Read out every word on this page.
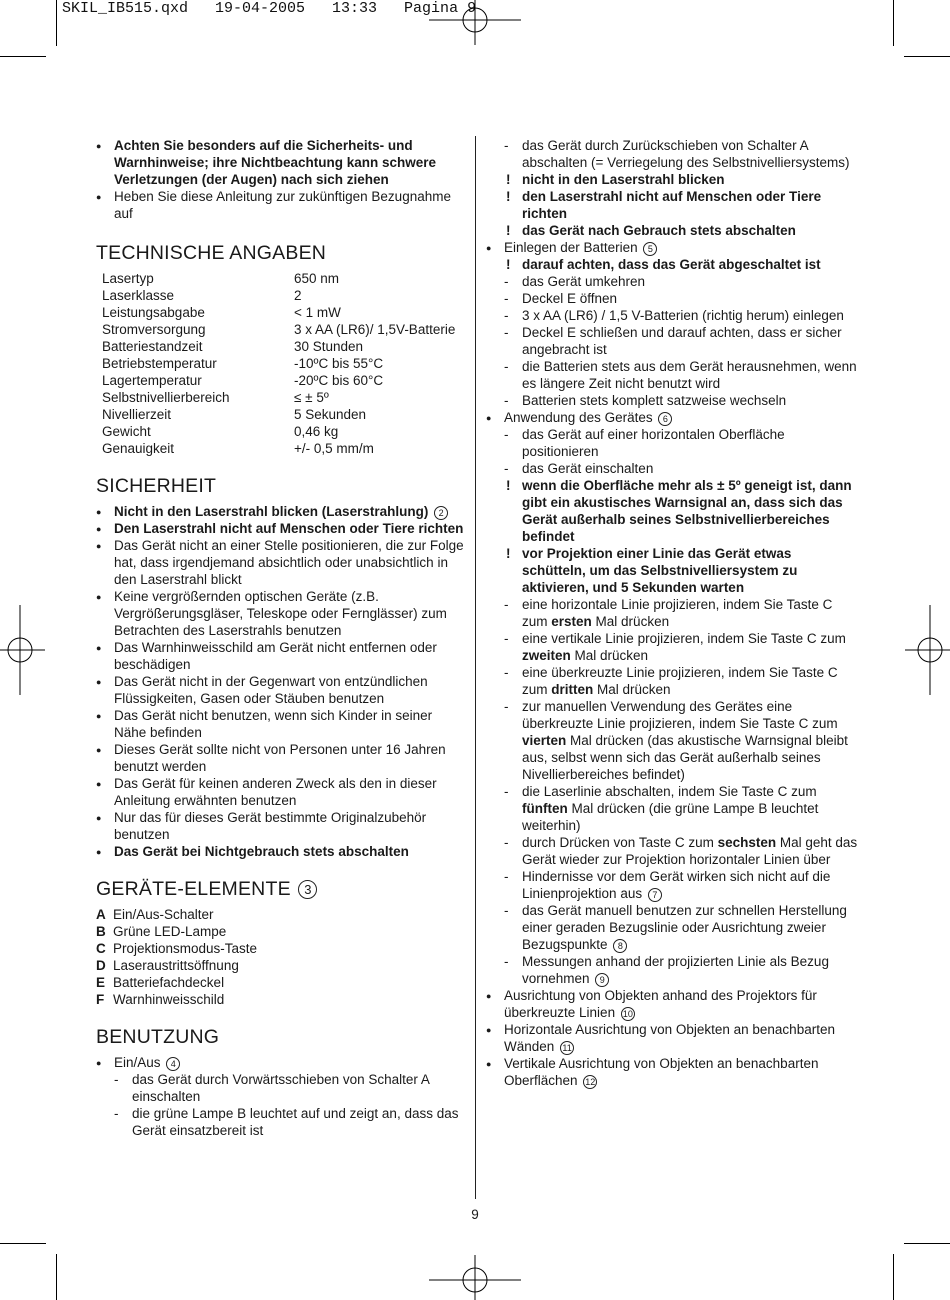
SKIL_IB515.qxd   19-04-2005   13:33   Pagina 9
● Achten Sie besonders auf die Sicherheits- und Warnhinweise; ihre Nichtbeachtung kann schwere Verletzungen (der Augen) nach sich ziehen
● Heben Sie diese Anleitung zur zukünftigen Bezugnahme auf
TECHNISCHE ANGABEN
Lasertyp	650 nm
Laserklasse	2
Leistungsabgabe	< 1 mW
Stromversorgung	3 x AA (LR6)/ 1,5V-Batterie
Batteriestandzeit	30 Stunden
Betriebstemperatur	-10ºC bis 55°C
Lagertemperatur	-20ºC bis 60°C
Selbstnivellierbereich	≤ ± 5º
Nivellierzeit	5 Sekunden
Gewicht	0,46 kg
Genauigkeit	+/- 0,5 mm/m
SICHERHEIT
● Nicht in den Laserstrahl blicken (Laserstrahlung) 2
● Den Laserstrahl nicht auf Menschen oder Tiere richten
● Das Gerät nicht an einer Stelle positionieren, die zur Folge hat, dass irgendjemand absichtlich oder unabsichtlich in den Laserstrahl blickt
● Keine vergrößernden optischen Geräte (z.B. Vergrößerungsgläser, Teleskope oder Fernglässer) zum Betrachten des Laserstrahls benutzen
● Das Warnhinweisschild am Gerät nicht entfernen oder beschädigen
● Das Gerät nicht in der Gegenwart von entzündlichen Flüssigkeiten, Gasen oder Stäuben benutzen
● Das Gerät nicht benutzen, wenn sich Kinder in seiner Nähe befinden
● Dieses Gerät sollte nicht von Personen unter 16 Jahren benutzt werden
● Das Gerät für keinen anderen Zweck als den in dieser Anleitung erwähnten benutzen
● Nur das für dieses Gerät bestimmte Originalzubehör benutzen
● Das Gerät bei Nichtgebrauch stets abschalten
GERÄTE-ELEMENTE 3
A Ein/Aus-Schalter
B Grüne LED-Lampe
C Projektionsmodus-Taste
D Laseraustrittsöffnung
E Batteriefachdeckel
F Warnhinweisschild
BENUTZUNG
● Ein/Aus 4
- das Gerät durch Vorwärtsschieben von Schalter A einschalten
- die grüne Lampe B leuchtet auf und zeigt an, dass das Gerät einsatzbereit ist
- das Gerät durch Zurückschieben von Schalter A abschalten (= Verriegelung des Selbstnivelliersystems)
! nicht in den Laserstrahl blicken
! den Laserstrahl nicht auf Menschen oder Tiere richten
! das Gerät nach Gebrauch stets abschalten
● Einlegen der Batterien 5
! darauf achten, dass das Gerät abgeschaltet ist
- das Gerät umkehren
- Deckel E öffnen
- 3 x AA (LR6) / 1,5 V-Batterien (richtig herum) einlegen
- Deckel E schließen und darauf achten, dass er sicher angebracht ist
- die Batterien stets aus dem Gerät herausnehmen, wenn es längere Zeit nicht benutzt wird
- Batterien stets komplett satzweise wechseln
● Anwendung des Gerätes 6
- das Gerät auf einer horizontalen Oberfläche positionieren
- das Gerät einschalten
! wenn die Oberfläche mehr als ± 5º geneigt ist, dann gibt ein akustisches Warnsignal an, dass sich das Gerät außerhalb seines Selbstnivellierbereiches befindet
! vor Projektion einer Linie das Gerät etwas schütteln, um das Selbstnivelliersystem zu aktivieren, und 5 Sekunden warten
- eine horizontale Linie projizieren, indem Sie Taste C zum ersten Mal drücken
- eine vertikale Linie projizieren, indem Sie Taste C zum zweiten Mal drücken
- eine überkreuzte Linie projizieren, indem Sie Taste C zum dritten Mal drücken
- zur manuellen Verwendung des Gerätes eine überkreuzte Linie projizieren, indem Sie Taste C zum vierten Mal drücken (das akustische Warnsignal bleibt aus, selbst wenn sich das Gerät außerhalb seines Nivellierbereiches befindet)
- die Laserlinie abschalten, indem Sie Taste C zum fünften Mal drücken (die grüne Lampe B leuchtet weiterhin)
- durch Drücken von Taste C zum sechsten Mal geht das Gerät wieder zur Projektion horizontaler Linien über
- Hindernisse vor dem Gerät wirken sich nicht auf die Linienprojektion aus 7
- das Gerät manuell benutzen zur schnellen Herstellung einer geraden Bezugslinie oder Ausrichtung zweier Bezugspunkte 8
- Messungen anhand der projizierten Linie als Bezug vornehmen 9
● Ausrichtung von Objekten anhand des Projektors für überkreuzte Linien 10
● Horizontale Ausrichtung von Objekten an benachbarten Wänden 11
● Vertikale Ausrichtung von Objekten an benachbarten Oberflächen 12
9
